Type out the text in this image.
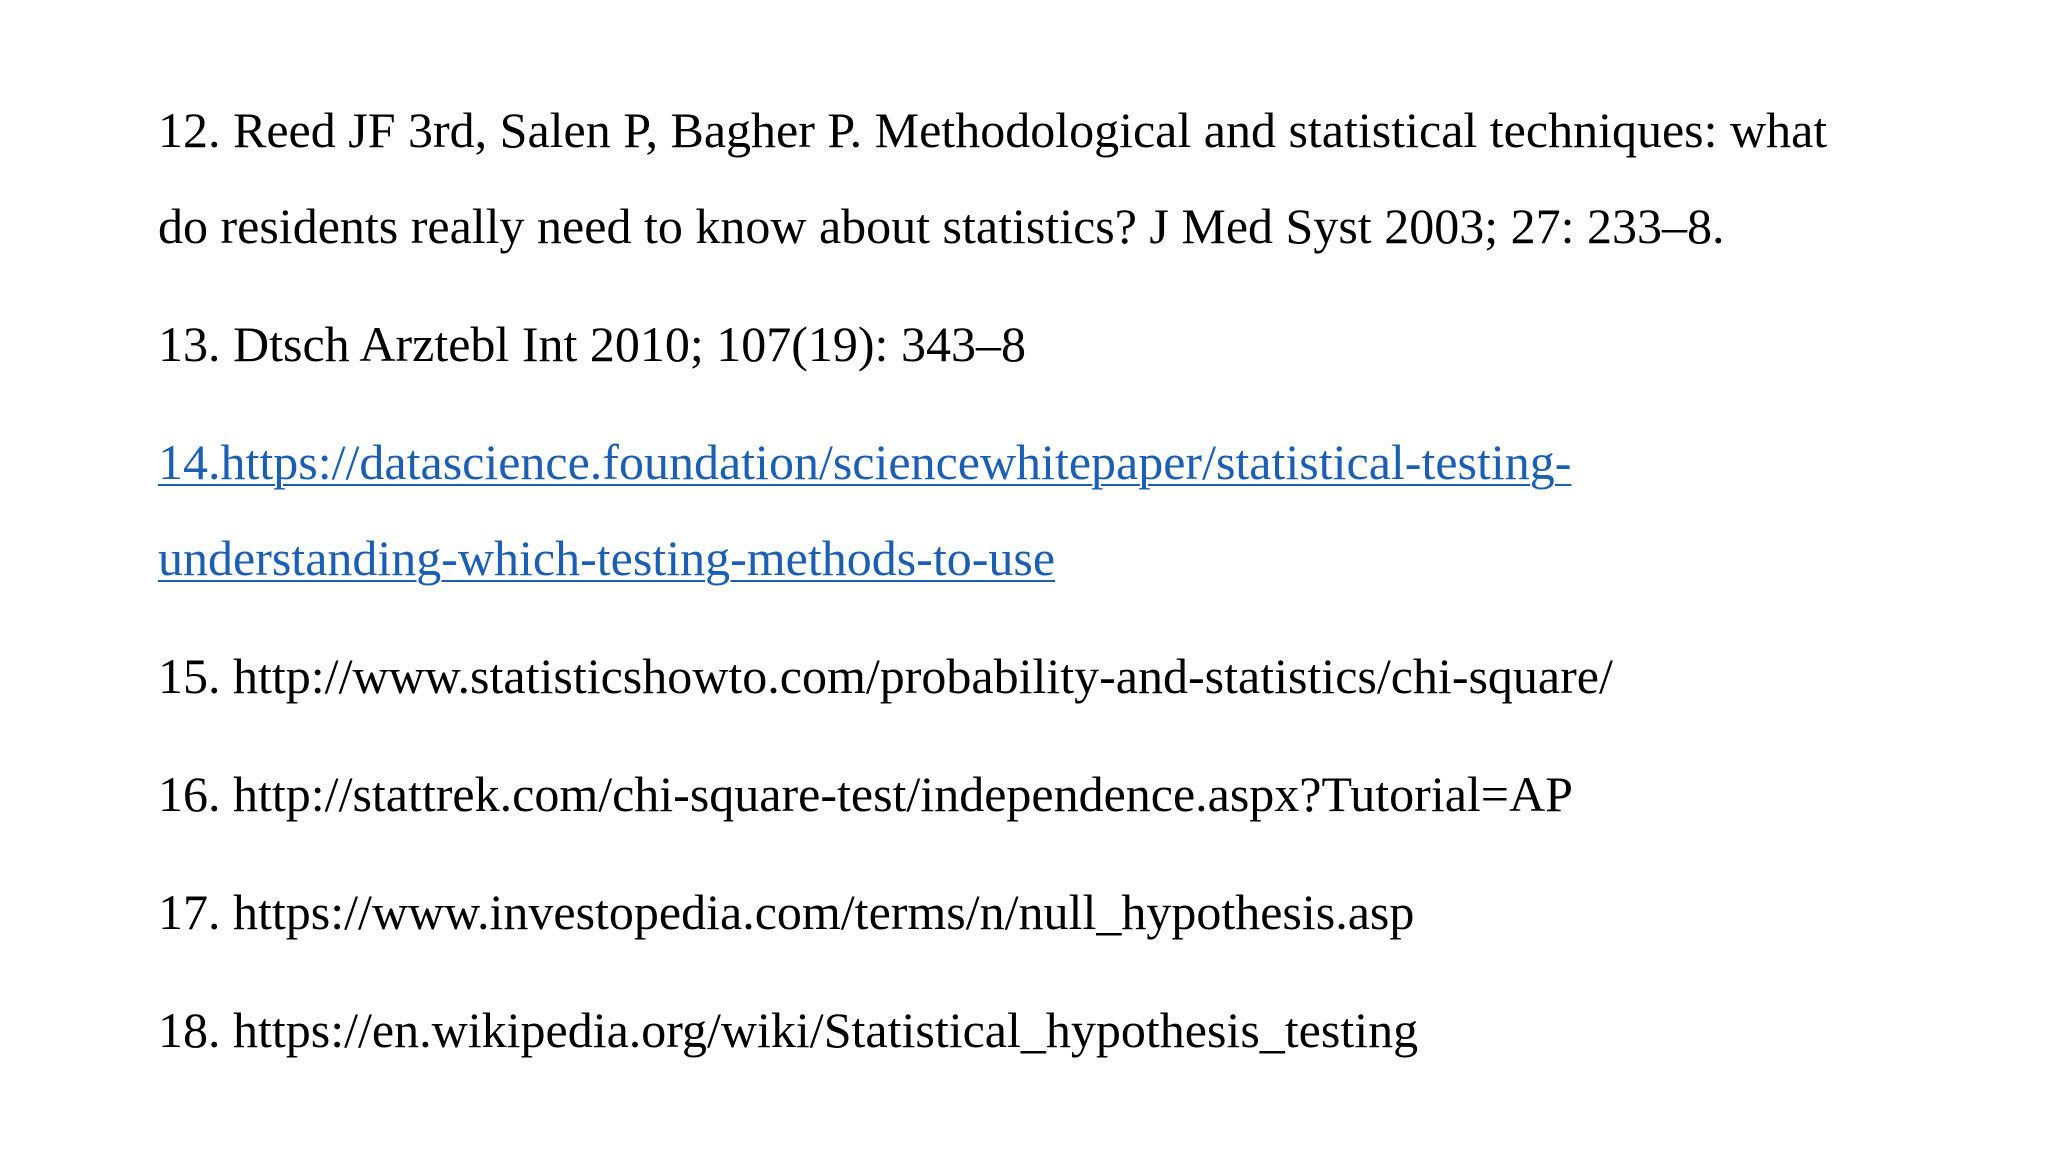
12. Reed JF 3rd, Salen P, Bagher P. Methodological and statistical techniques: what
do residents really need to know about statistics? J Med Syst 2003; 27: 233–8.
13. Dtsch Arztebl Int 2010; 107(19): 343–8
14.https://datascience.foundation/sciencewhitepaper/statistical-testing-
understanding-which-testing-methods-to-use
15. http://www.statisticshowto.com/probability-and-statistics/chi-square/
16. http://stattrek.com/chi-square-test/independence.aspx?Tutorial=AP
17. https://www.investopedia.com/terms/n/null_hypothesis.asp
18. https://en.wikipedia.org/wiki/Statistical_hypothesis_testing
